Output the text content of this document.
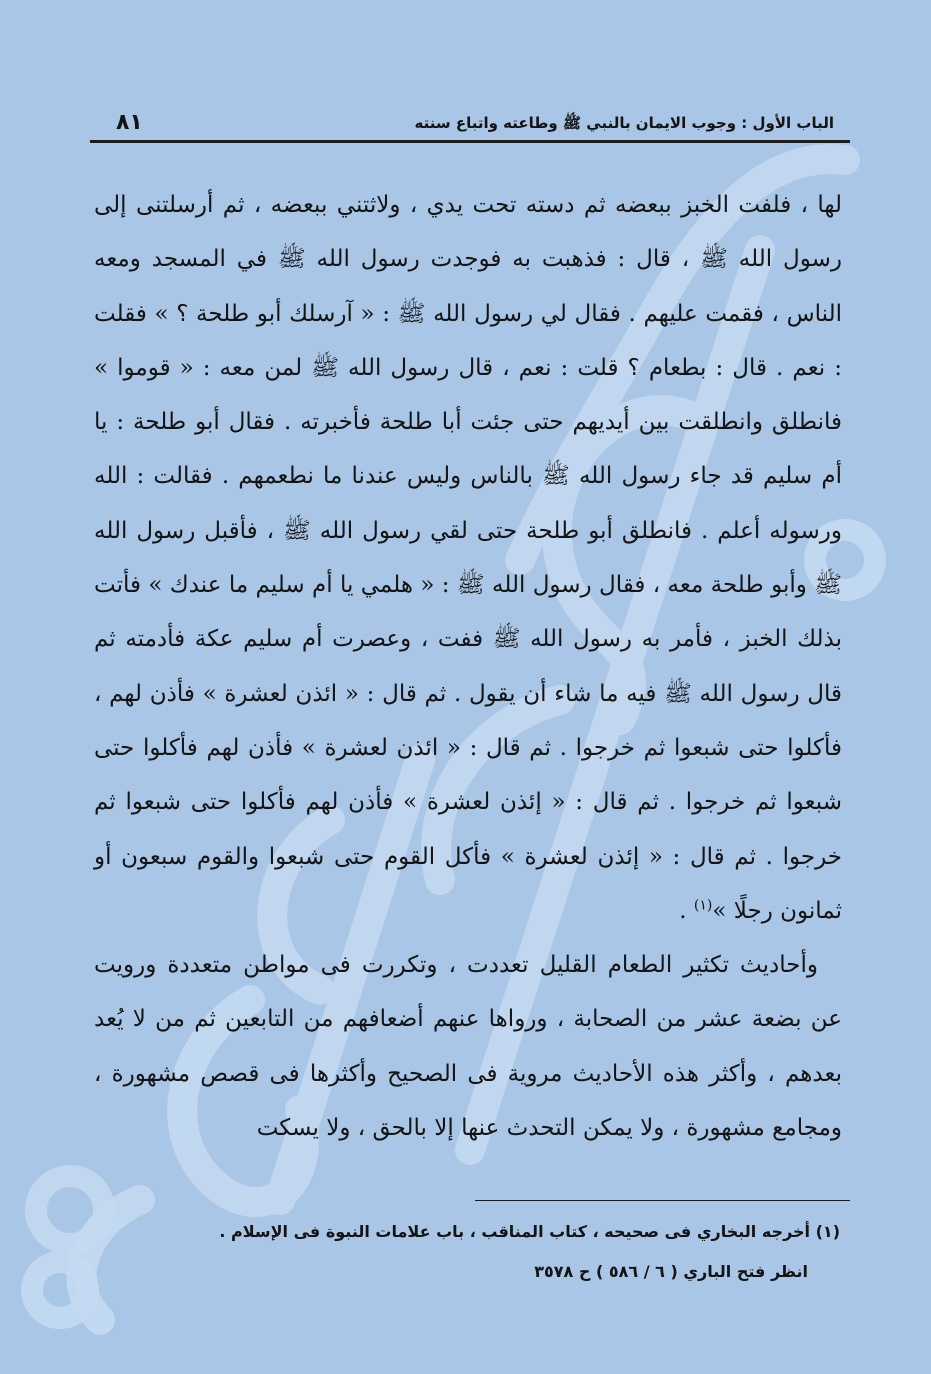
الباب الأول : وجوب الايمان بالنبي ﷺ وطاعته واتباع سنته
٨١

لها ، فلفت الخبز ببعضه ثم دسته تحت يدي ، ولاثتني ببعضه ، ثم أرسلتنى إلى رسول الله ﷺ ، قال : فذهبت به فوجدت رسول الله ﷺ في المسجد ومعه الناس ، فقمت عليهم . فقال لي رسول الله ﷺ : « آرسلك أبو طلحة ؟ » فقلت : نعم . قال : بطعام ؟ قلت : نعم ، قال رسول الله ﷺ لمن معه : « قوموا » فانطلق وانطلقت بين أيديهم حتى جئت أبا طلحة فأخبرته . فقال أبو طلحة : يا أم سليم قد جاء رسول الله ﷺ بالناس وليس عندنا ما نطعمهم . فقالت : الله ورسوله أعلم . فانطلق أبو طلحة حتى لقي رسول الله ﷺ ، فأقبل رسول الله ﷺ وأبو طلحة معه ، فقال رسول الله ﷺ : « هلمي يا أم سليم ما عندك » فأتت بذلك الخبز ، فأمر به رسول الله ﷺ ففت ، وعصرت أم سليم عكة فأدمته ثم قال رسول الله ﷺ فيه ما شاء أن يقول . ثم قال : « ائذن لعشرة » فأذن لهم ، فأكلوا حتى شبعوا ثم خرجوا . ثم قال : « ائذن لعشرة » فأذن لهم فأكلوا حتى شبعوا ثم خرجوا . ثم قال : « إئذن لعشرة » فأذن لهم فأكلوا حتى شبعوا ثم خرجوا . ثم قال : « إئذن لعشرة » فأكل القوم حتى شبعوا والقوم سبعون أو ثمانون رجلًا »$^{(١)}$ .

وأحاديث تكثير الطعام القليل تعددت ، وتكررت فى مواطن متعددة ورويت عن بضعة عشر من الصحابة ، ورواها عنهم أضعافهم من التابعين ثم من لا يُعد بعدهم ، وأكثر هذه الأحاديث مروية فى الصحيح وأكثرها فى قصص مشهورة ، ومجامع مشهورة ، ولا يمكن التحدث عنها إلا بالحق ، ولا يسكت

(١) أخرجه البخاري فى صحيحه ، كتاب المناقب ، باب علامات النبوة فى الإسلام .
انظر فتح الباري ( ٦ / ٥٨٦ ) ح ٣٥٧٨
